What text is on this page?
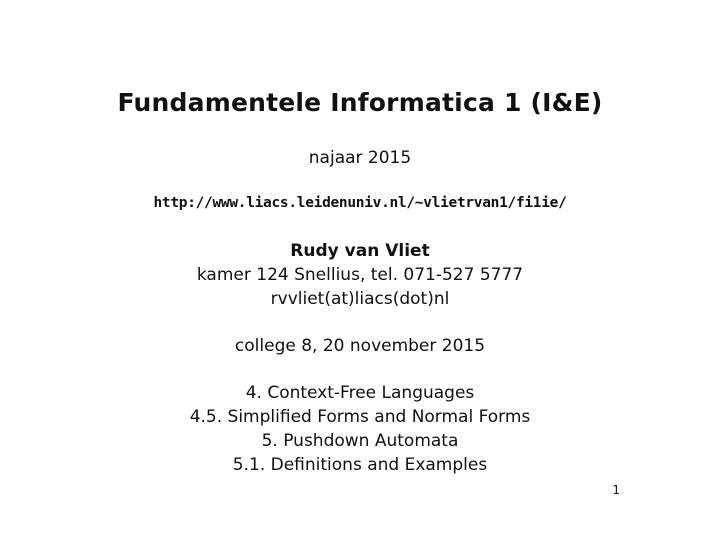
Fundamentele Informatica 1 (I&E)
najaar 2015
http://www.liacs.leidenuniv.nl/~vlietrvan1/fi1ie/
Rudy van Vliet
kamer 124 Snellius, tel. 071-527 5777
rvvliet(at)liacs(dot)nl
college 8, 20 november 2015
4. Context-Free Languages
4.5. Simplified Forms and Normal Forms
5. Pushdown Automata
5.1. Definitions and Examples
1
